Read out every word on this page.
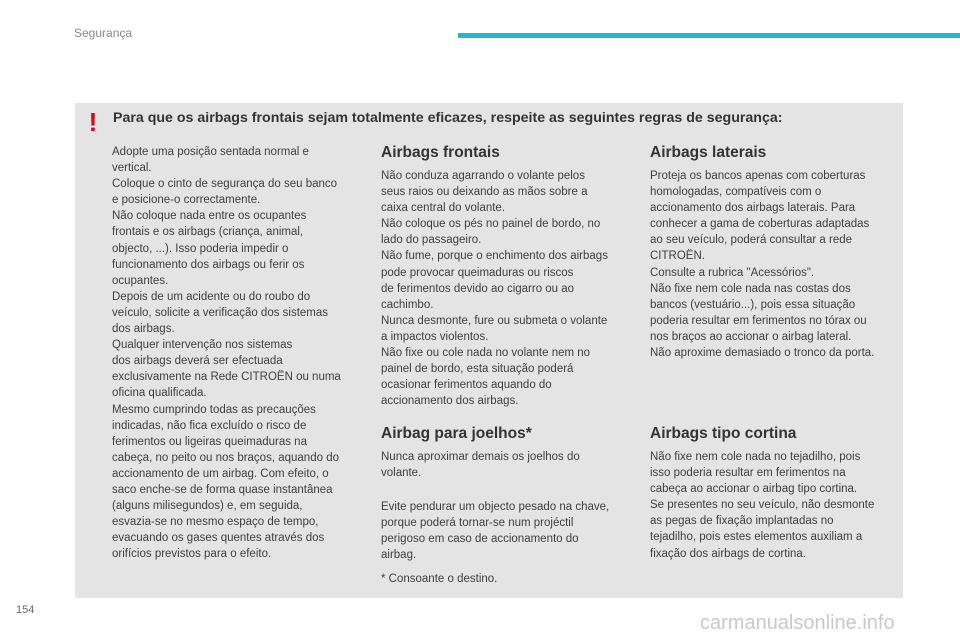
Segurança
! Para que os airbags frontais sejam totalmente eficazes, respeite as seguintes regras de segurança:

Adopte uma posição sentada normal e

vertical.

Coloque o cinto de segurança do seu banco

e posicione-o correctamente.

Não coloque nada entre os ocupantes

frontais e os airbags (criança, animal,

objecto, ...). Isso poderia impedir o

funcionamento dos airbags ou ferir os

ocupantes.

Depois de um acidente ou do roubo do

veículo, solicite a verificação dos sistemas

dos airbags.

Qualquer intervenção nos sistemas

dos airbags deverá ser efectuada

exclusivamente na Rede CITROËN ou numa

oficina qualificada.

Mesmo cumprindo todas as precauções

indicadas, não fica excluído o risco de

ferimentos ou ligeiras queimaduras na

cabeça, no peito ou nos braços, aquando do

accionamento de um airbag. Com efeito, o

saco enche-se de forma quase instantânea

(alguns milisegundos) e, em seguida,

esvazia-se no mesmo espaço de tempo,

evacuando os gases quentes através dos

orifícios previstos para o efeito.

Airbags frontais

Não conduza agarrando o volante pelos

seus raios ou deixando as mãos sobre a

caixa central do volante.

Não coloque os pés no painel de bordo, no

lado do passageiro.

Não fume, porque o enchimento dos airbags

pode provocar queimaduras ou riscos

de ferimentos devido ao cigarro ou ao

cachimbo.

Nunca desmonte, fure ou submeta o volante

a impactos violentos.

Não fixe ou cole nada no volante nem no

painel de bordo, esta situação poderá

ocasionar ferimentos aquando do

accionamento dos airbags.

Airbag para joelhos*

Nunca aproximar demais os joelhos do

volante.

Evite pendurar um objecto pesado na chave,

porque poderá tornar-se num projéctil

perigoso em caso de accionamento do

airbag.

* Consoante o destino.
Airbags laterais

Proteja os bancos apenas com coberturas

homologadas, compatíveis com o

accionamento dos airbags laterais. Para

conhecer a gama de coberturas adaptadas

ao seu veículo, poderá consultar a rede

CITROËN.

Consulte a rubrica "Acessórios".

Não fixe nem cole nada nas costas dos

bancos (vestuário...), pois essa situação

poderia resultar em ferimentos no tórax ou

nos braços ao accionar o airbag lateral.

Não aproxime demasiado o tronco da porta.

Airbags tipo cortina

Não fixe nem cole nada no tejadilho, pois

isso poderia resultar em ferimentos na

cabeça ao accionar o airbag tipo cortina.

Se presentes no seu veículo, não desmonte

as pegas de fixação implantadas no

tejadilho, pois estes elementos auxiliam a

fixação dos airbags de cortina.

154
carmanualsonline.info
